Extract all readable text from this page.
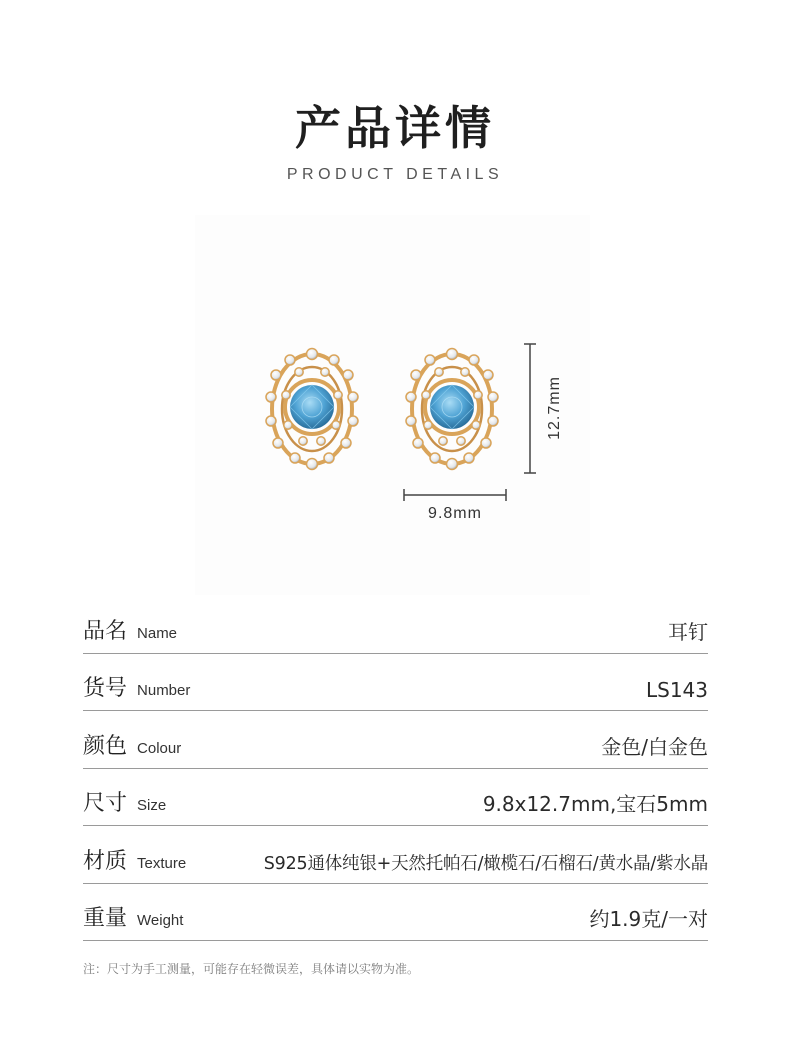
产品详情
PRODUCT DETAILS
12.7mm
9.8mm
品名 Name	耳钉
货号 Number	LS143
颜色 Colour	金色/白金色
尺寸 Size	9.8x12.7mm,宝石5mm
材质 Texture	S925通体纯银+天然托帕石/橄榄石/石榴石/黄水晶/紫水晶
重量 Weight	约1.9克/一对
注：尺寸为手工测量，可能存在轻微误差，具体请以实物为准。
